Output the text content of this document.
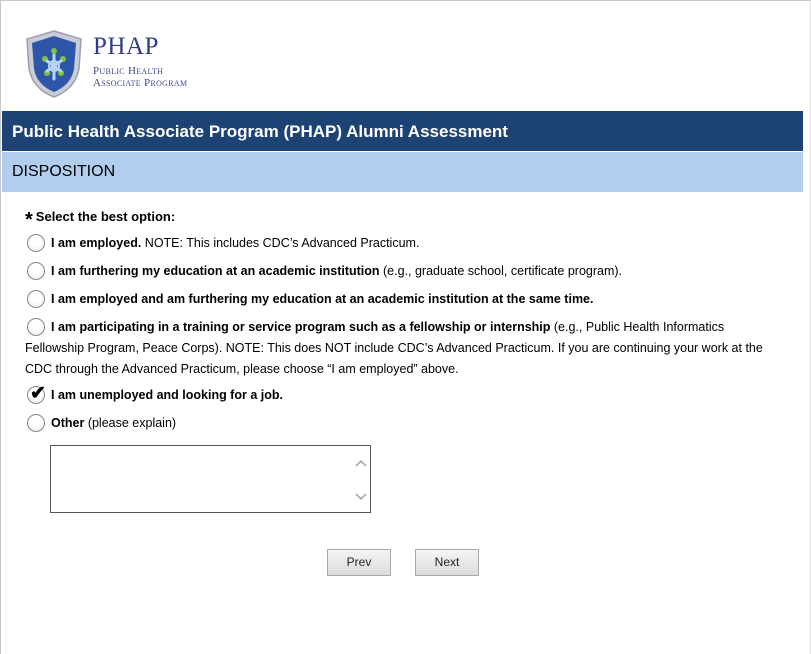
PHAP
Public Health
Associate Program
Public Health Associate Program (PHAP) Alumni Assessment
DISPOSITION
* Select the best option:
I am employed. NOTE: This includes CDC’s Advanced Practicum.
I am furthering my education at an academic institution (e.g., graduate school, certificate program).
I am employed and am furthering my education at an academic institution at the same time.
I am participating in a training or service program such as a fellowship or internship (e.g., Public Health Informatics Fellowship Program, Peace Corps). NOTE: This does NOT include CDC’s Advanced Practicum. If you are continuing your work at the CDC through the Advanced Practicum, please choose “I am employed” above.
✔ I am unemployed and looking for a job.
Other (please explain)
Prev	Next
